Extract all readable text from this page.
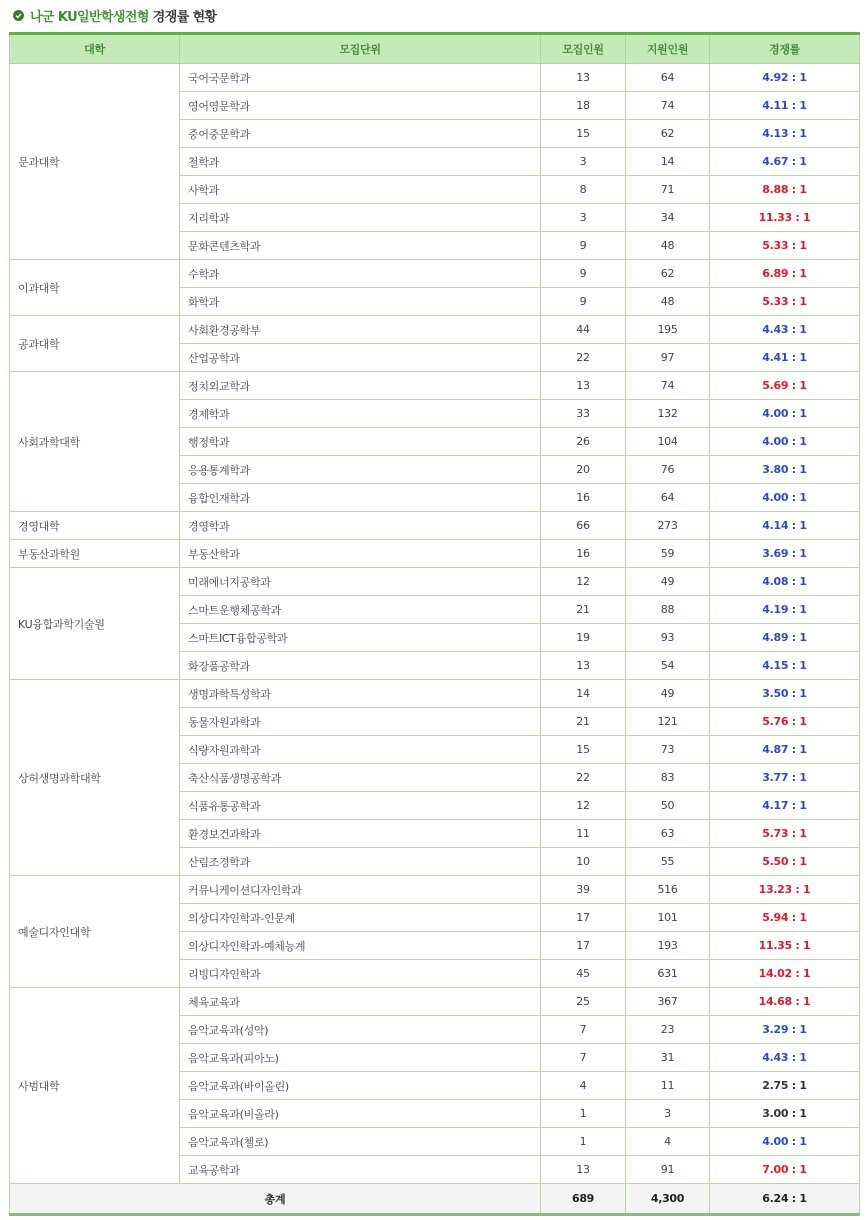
나군 KU일반학생전형 경쟁률 현황
대학	모집단위	모집인원	지원인원	경쟁률
문과대학	국어국문학과	13	64	4.92 : 1
	영어영문학과	18	74	4.11 : 1
	중어중문학과	15	62	4.13 : 1
	철학과	3	14	4.67 : 1
	사학과	8	71	8.88 : 1
	지리학과	3	34	11.33 : 1
	문화콘텐츠학과	9	48	5.33 : 1
이과대학	수학과	9	62	6.89 : 1
	화학과	9	48	5.33 : 1
공과대학	사회환경공학부	44	195	4.43 : 1
	산업공학과	22	97	4.41 : 1
사회과학대학	정치외교학과	13	74	5.69 : 1
	경제학과	33	132	4.00 : 1
	행정학과	26	104	4.00 : 1
	응용통계학과	20	76	3.80 : 1
	융합인재학과	16	64	4.00 : 1
경영대학	경영학과	66	273	4.14 : 1
부동산과학원	부동산학과	16	59	3.69 : 1
KU융합과학기술원	미래에너지공학과	12	49	4.08 : 1
	스마트운행체공학과	21	88	4.19 : 1
	스마트ICT융합공학과	19	93	4.89 : 1
	화장품공학과	13	54	4.15 : 1
상허생명과학대학	생명과학특성학과	14	49	3.50 : 1
	동물자원과학과	21	121	5.76 : 1
	식량자원과학과	15	73	4.87 : 1
	축산식품생명공학과	22	83	3.77 : 1
	식품유통공학과	12	50	4.17 : 1
	환경보건과학과	11	63	5.73 : 1
	산림조경학과	10	55	5.50 : 1
예술디자인대학	커뮤니케이션디자인학과	39	516	13.23 : 1
	의상디자인학과-인문계	17	101	5.94 : 1
	의상디자인학과-예체능계	17	193	11.35 : 1
	리빙디자인학과	45	631	14.02 : 1
사범대학	체육교육과	25	367	14.68 : 1
	음악교육과(성악)	7	23	3.29 : 1
	음악교육과(피아노)	7	31	4.43 : 1
	음악교육과(바이올린)	4	11	2.75 : 1
	음악교육과(비올라)	1	3	3.00 : 1
	음악교육과(첼로)	1	4	4.00 : 1
	교육공학과	13	91	7.00 : 1
총계		689	4,300	6.24 : 1
